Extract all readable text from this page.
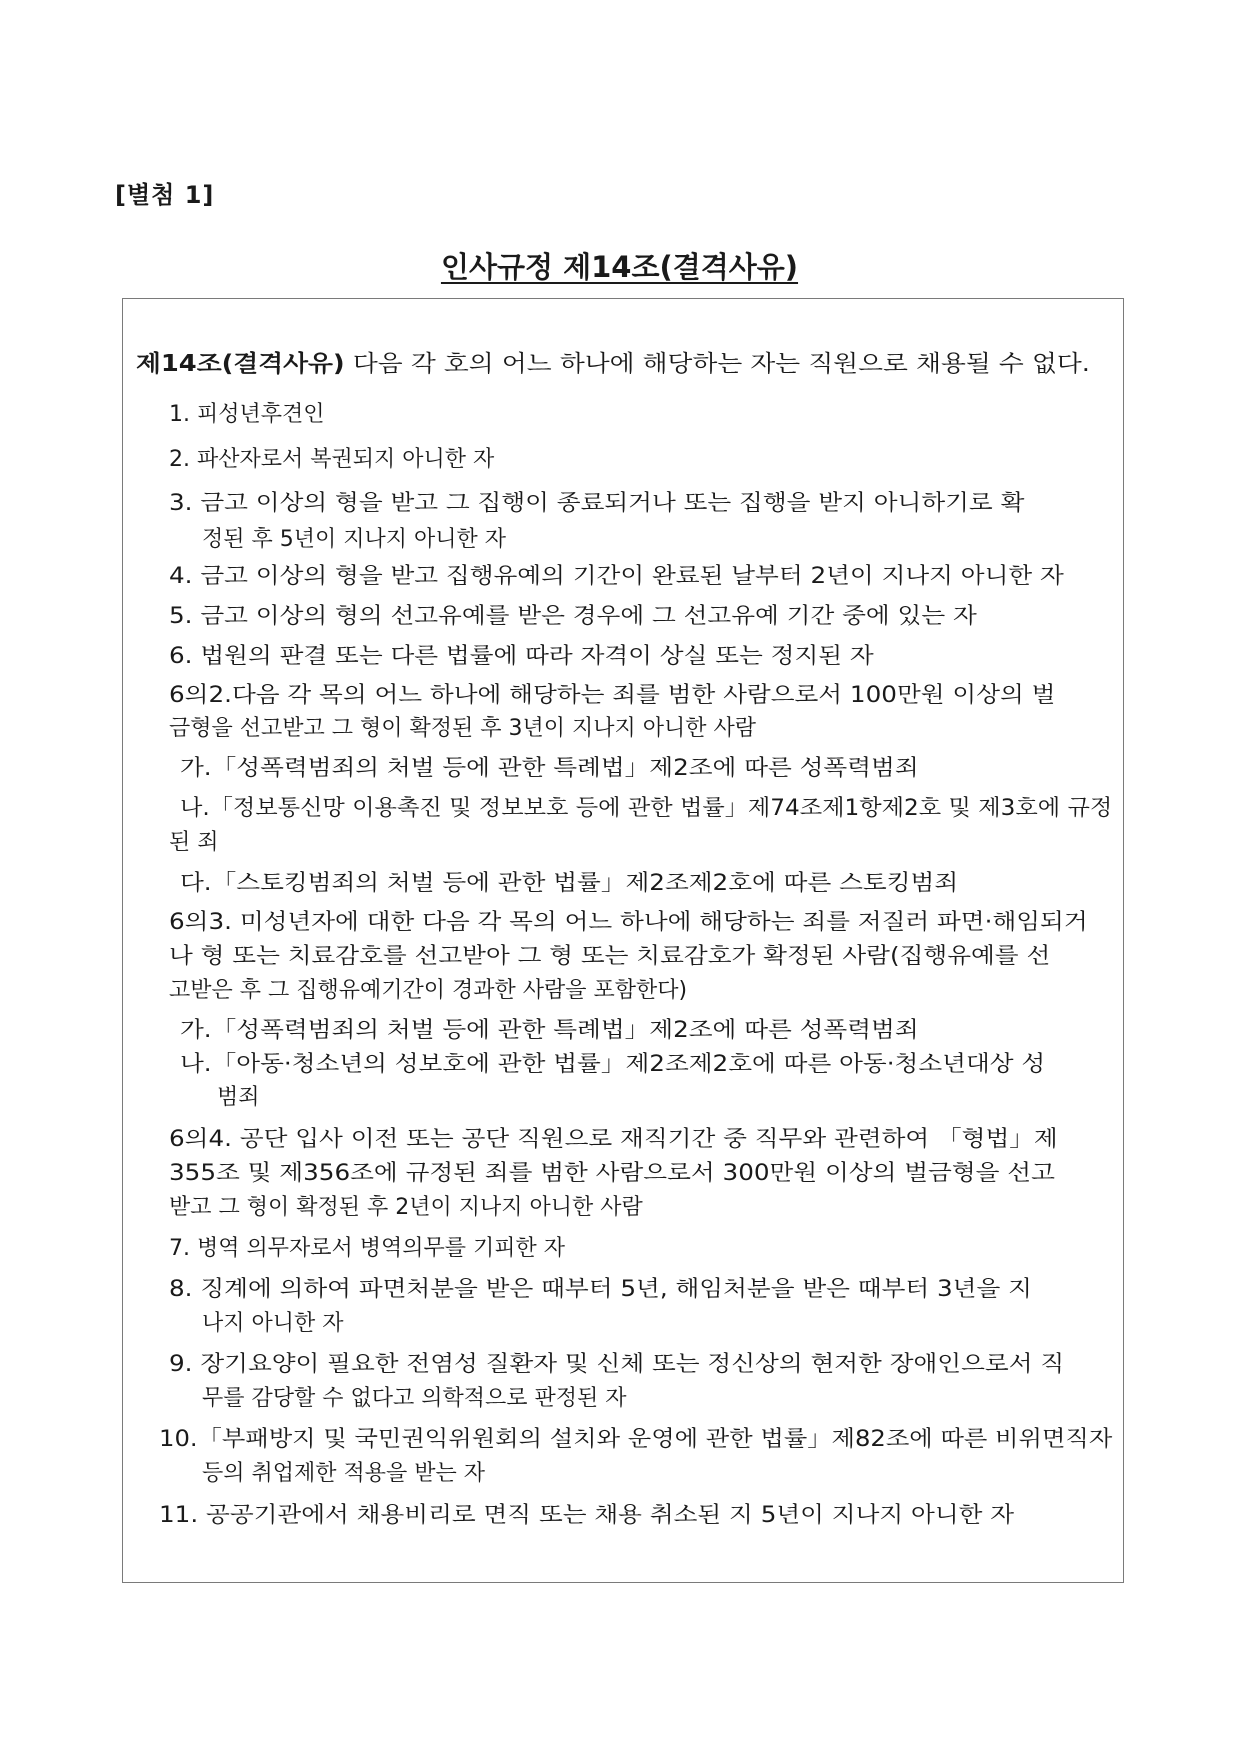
[별첨 1]
인사규정 제14조(결격사유)
제14조(결격사유) 다음 각 호의 어느 하나에 해당하는 자는 직원으로 채용될 수 없다.
1. 피성년후견인
2. 파산자로서 복권되지 아니한 자
3. 금고 이상의 형을 받고 그 집행이 종료되거나 또는 집행을 받지 아니하기로 확
정된 후 5년이 지나지 아니한 자
4. 금고 이상의 형을 받고 집행유예의 기간이 완료된 날부터 2년이 지나지 아니한 자
5. 금고 이상의 형의 선고유예를 받은 경우에 그 선고유예 기간 중에 있는 자
6. 법원의 판결 또는 다른 법률에 따라 자격이 상실 또는 정지된 자
6의2.다음 각 목의 어느 하나에 해당하는 죄를 범한 사람으로서 100만원 이상의 벌
금형을 선고받고 그 형이 확정된 후 3년이 지나지 아니한 사람
가.「성폭력범죄의 처벌 등에 관한 특례법」제2조에 따른 성폭력범죄
나.「정보통신망 이용촉진 및 정보보호 등에 관한 법률」제74조제1항제2호 및 제3호에 규정
된 죄
다.「스토킹범죄의 처벌 등에 관한 법률」제2조제2호에 따른 스토킹범죄
6의3. 미성년자에 대한 다음 각 목의 어느 하나에 해당하는 죄를 저질러 파면·해임되거
나 형 또는 치료감호를 선고받아 그 형 또는 치료감호가 확정된 사람(집행유예를 선
고받은 후 그 집행유예기간이 경과한 사람을 포함한다)
가.「성폭력범죄의 처벌 등에 관한 특례법」제2조에 따른 성폭력범죄
나.「아동·청소년의 성보호에 관한 법률」제2조제2호에 따른 아동·청소년대상 성
범죄
6의4. 공단 입사 이전 또는 공단 직원으로 재직기간 중 직무와 관련하여 「형법」제
355조 및 제356조에 규정된 죄를 범한 사람으로서 300만원 이상의 벌금형을 선고
받고 그 형이 확정된 후 2년이 지나지 아니한 사람
7. 병역 의무자로서 병역의무를 기피한 자
8. 징계에 의하여 파면처분을 받은 때부터 5년, 해임처분을 받은 때부터 3년을 지
나지 아니한 자
9. 장기요양이 필요한 전염성 질환자 및 신체 또는 정신상의 현저한 장애인으로서 직
무를 감당할 수 없다고 의학적으로 판정된 자
10.「부패방지 및 국민권익위원회의 설치와 운영에 관한 법률」제82조에 따른 비위면직자
등의 취업제한 적용을 받는 자
11. 공공기관에서 채용비리로 면직 또는 채용 취소된 지 5년이 지나지 아니한 자
